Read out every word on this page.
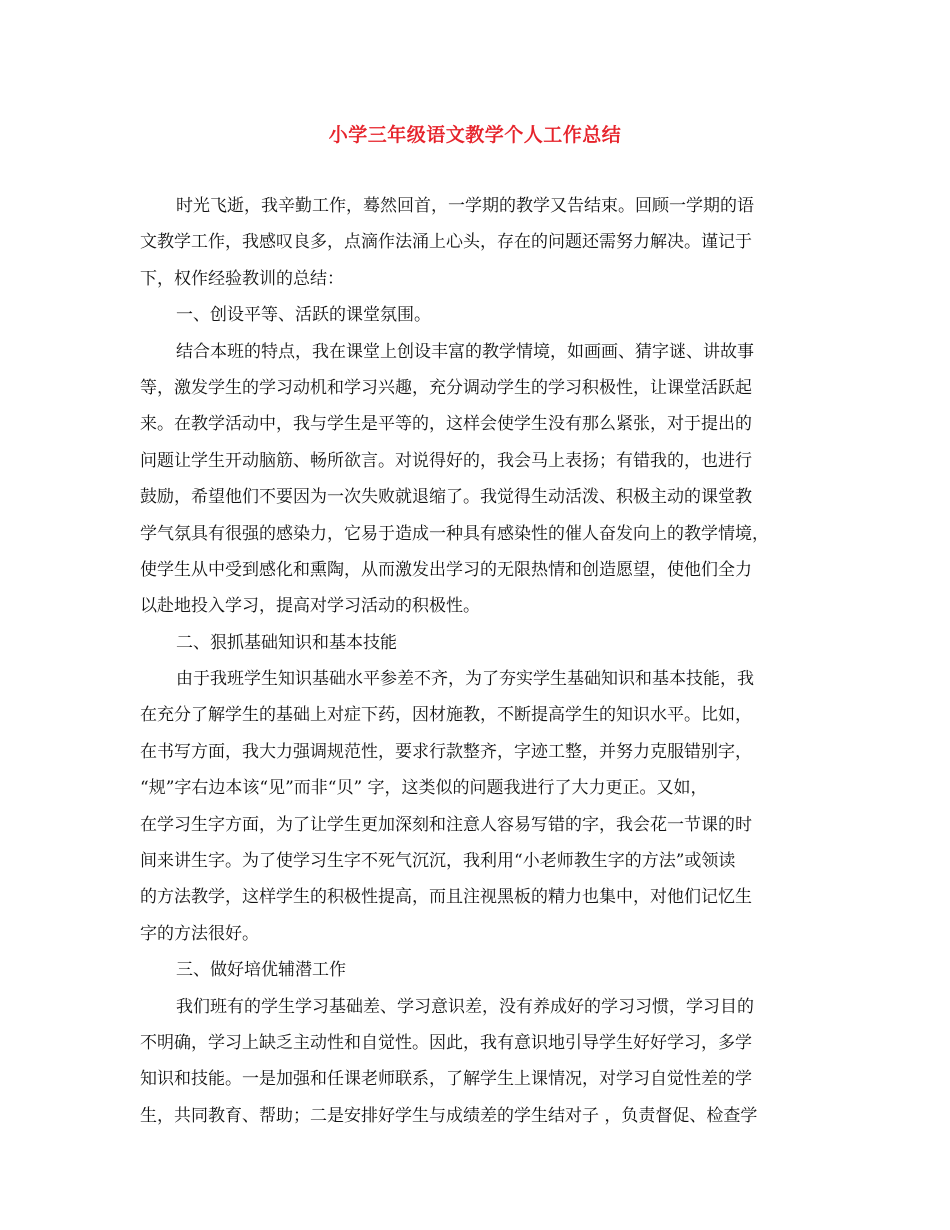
小学三年级语文教学个人工作总结
时光飞逝，我辛勤工作，蓦然回首，一学期的教学又告结束。回顾一学期的语
文教学工作，我感叹良多，点滴作法涌上心头，存在的问题还需努力解决。谨记于
下，权作经验教训的总结：
一、创设平等、活跃的课堂氛围。
结合本班的特点，我在课堂上创设丰富的教学情境，如画画、猜字谜、讲故事
等，激发学生的学习动机和学习兴趣，充分调动学生的学习积极性，让课堂活跃起
来。在教学活动中，我与学生是平等的，这样会使学生没有那么紧张，对于提出的
问题让学生开动脑筋、畅所欲言。对说得好的，我会马上表扬；有错我的，也进行
鼓励，希望他们不要因为一次失败就退缩了。我觉得生动活泼、积极主动的课堂教
学气氛具有很强的感染力，它易于造成一种具有感染性的催人奋发向上的教学情境，
使学生从中受到感化和熏陶，从而激发出学习的无限热情和创造愿望，使他们全力
以赴地投入学习，提高对学习活动的积极性。
二、狠抓基础知识和基本技能
由于我班学生知识基础水平参差不齐，为了夯实学生基础知识和基本技能，我
在充分了解学生的基础上对症下药，因材施教，不断提高学生的知识水平。比如，
在书写方面，我大力强调规范性，要求行款整齐，字迹工整，并努力克服错别字，
“规”字右边本该“见”而非“贝” 字，这类似的问题我进行了大力更正。又如，
在学习生字方面，为了让学生更加深刻和注意人容易写错的字，我会花一节课的时
间来讲生字。为了使学习生字不死气沉沉，我利用“小老师教生字的方法”或领读
的方法教学，这样学生的积极性提高，而且注视黑板的精力也集中，对他们记忆生
字的方法很好。
三、做好培优辅潜工作
我们班有的学生学习基础差、学习意识差，没有养成好的学习习惯，学习目的
不明确，学习上缺乏主动性和自觉性。因此，我有意识地引导学生好好学习，多学
知识和技能。一是加强和任课老师联系，了解学生上课情况，对学习自觉性差的学
生，共同教育、帮助；二是安排好学生与成绩差的学生结对子 ，负责督促、检查学
